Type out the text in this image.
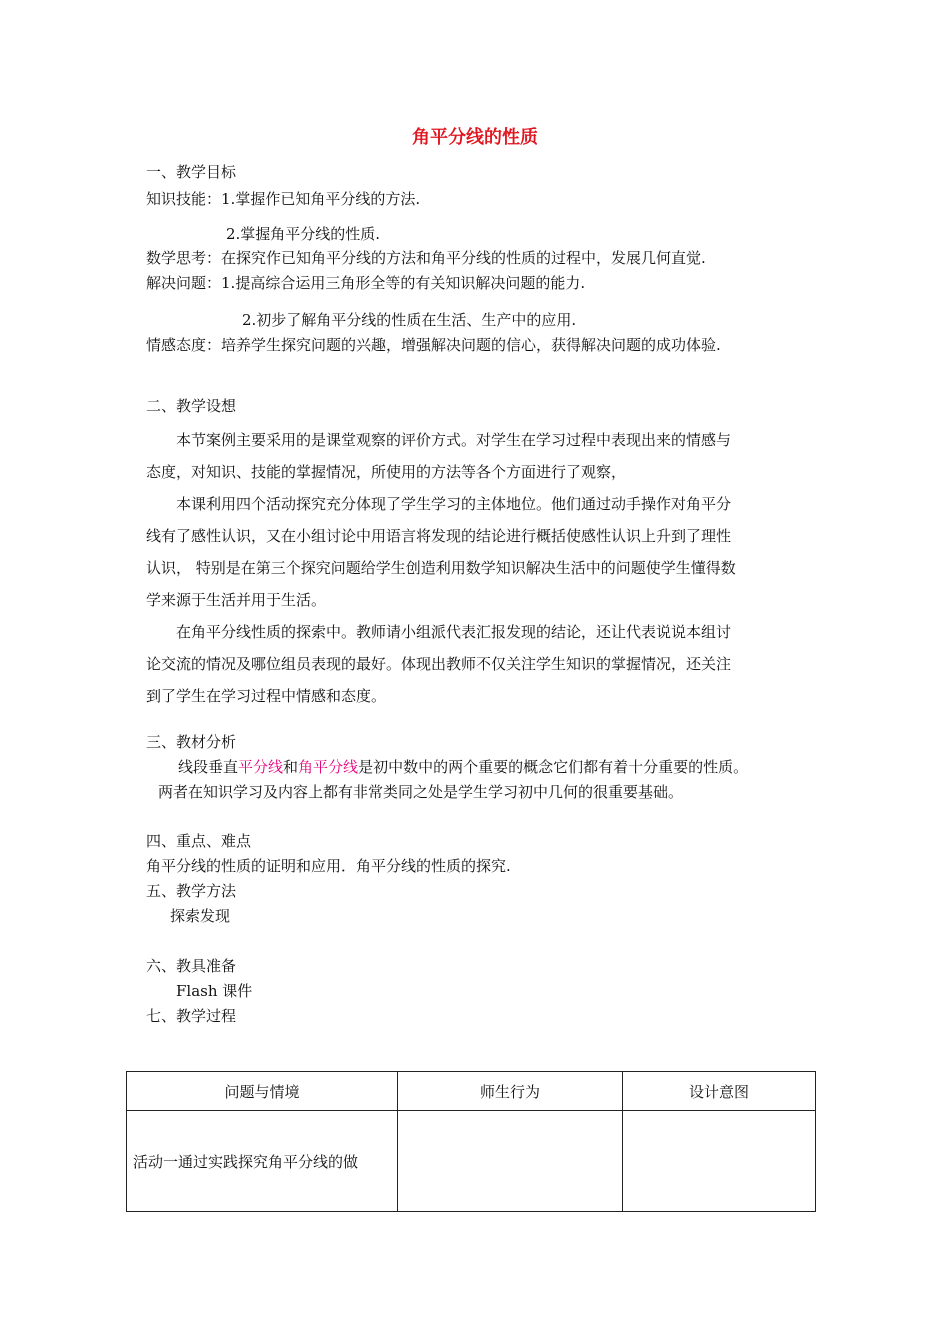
角平分线的性质
一、教学目标
知识技能：1.掌握作已知角平分线的方法.
2.掌握角平分线的性质.
数学思考：在探究作已知角平分线的方法和角平分线的性质的过程中，发展几何直觉.
解决问题：1.提高综合运用三角形全等的有关知识解决问题的能力.
2.初步了解角平分线的性质在生活、生产中的应用.
情感态度：培养学生探究问题的兴趣，增强解决问题的信心，获得解决问题的成功体验.
二、教学设想
本节案例主要采用的是课堂观察的评价方式。对学生在学习过程中表现出来的情感与
态度，对知识、技能的掌握情况，所使用的方法等各个方面进行了观察，
本课利用四个活动探究充分体现了学生学习的主体地位。他们通过动手操作对角平分
线有了感性认识，又在小组讨论中用语言将发现的结论进行概括使感性认识上升到了理性
认识， 特别是在第三个探究问题给学生创造利用数学知识解决生活中的问题使学生懂得数
学来源于生活并用于生活。
在角平分线性质的探索中。教师请小组派代表汇报发现的结论，还让代表说说本组讨
论交流的情况及哪位组员表现的最好。体现出教师不仅关注学生知识的掌握情况，还关注
到了学生在学习过程中情感和态度。
三、教材分析
线段垂直平分线和角平分线是初中数中的两个重要的概念它们都有着十分重要的性质。
两者在知识学习及内容上都有非常类同之处是学生学习初中几何的很重要基础。
四、重点、难点
角平分线的性质的证明和应用．角平分线的性质的探究.
五、教学方法
探索发现
六、教具准备
Flash 课件
七、教学过程
问题与情境	师生行为	设计意图
活动一通过实践探究角平分线的做		
